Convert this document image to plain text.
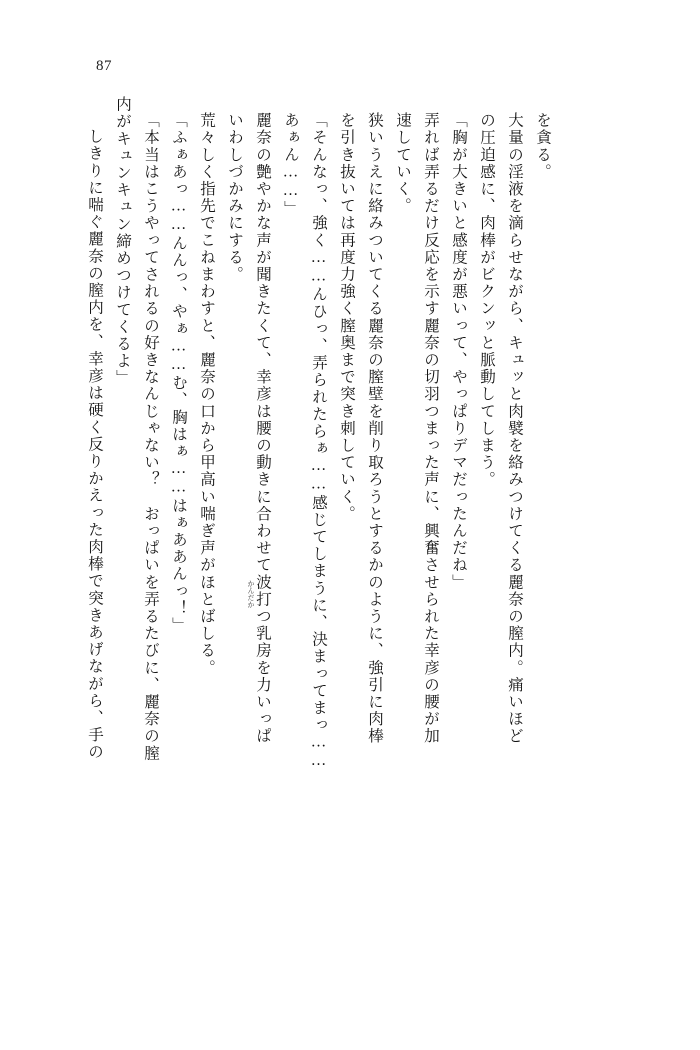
87
しきりに喘ぐ麗奈の膣内を、幸彦は硬く反りかえった肉棒で突きあげながら、手の 内がキュンキュン締めつけてくるよ」 「本当はこうやってされるの好きなんじゃない？　おっぱいを弄るたびに、麗奈の膣 「ふぁあっ……んんっ、やぁ……む、胸はぁ……はぁああんっ！」 荒々しく指先でこねまわすと、麗奈の口から甲高い喘ぎ声がほとばしる。 いわしづかみにする。 麗奈の艶やかな声が聞きたくて、幸彦は腰の動きに合わせて波打つ乳房を力いっぱ あぁん……」 「そんなっ、強く……んひっ、弄られたらぁ……感じてしまうに、決まってまっ…… を引き抜いては再度力強く膣奥まで突き刺していく。 狭いうえに絡みついてくる麗奈の膣壁を削り取ろうとするかのように、強引に肉棒 速していく。 弄れば弄るだけ反応を示す麗奈の切羽つまった声に、興奮させられた幸彦の腰が加 「胸が大きいと感度が悪いって、やっぱりデマだったんだね」 の圧迫感に、肉棒がビクンッと脈動してしまう。 大量の淫液を滴らせながら、キュッと肉襞を絡みつけてくる麗奈の膣内。痛いほど を貪る。
かんだか
